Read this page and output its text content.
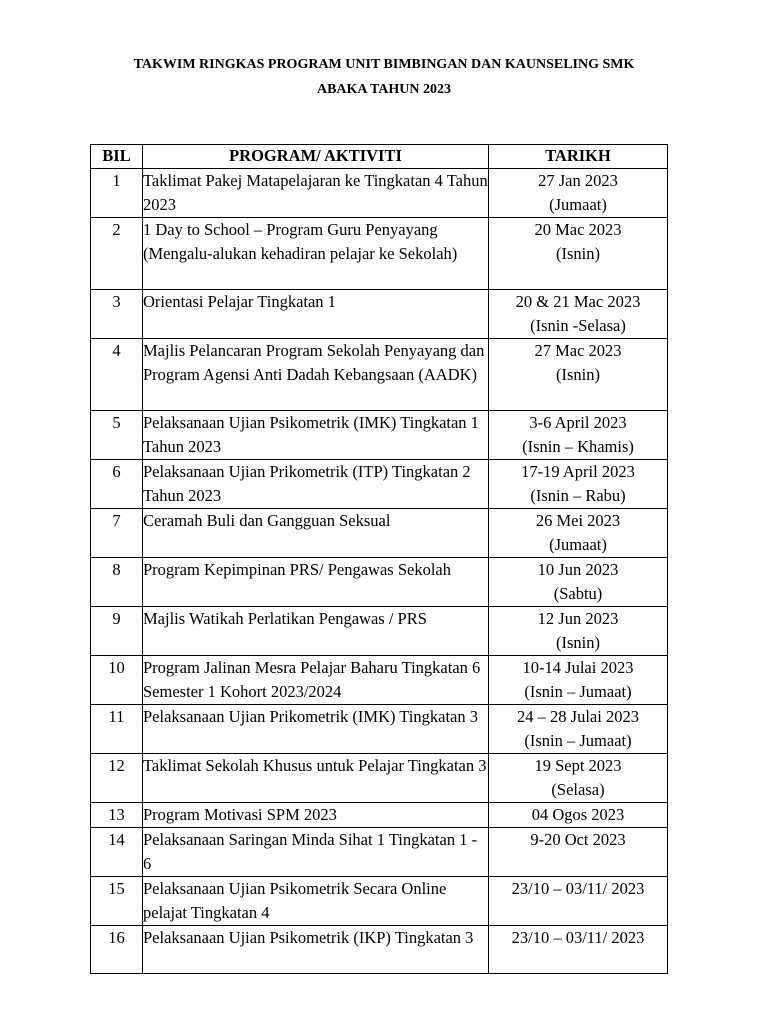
TAKWIM RINGKAS PROGRAM UNIT BIMBINGAN DAN KAUNSELING SMK
ABAKA TAHUN 2023
BIL	PROGRAM/ AKTIVITI	TARIKH
1	Taklimat Pakej Matapelajaran ke Tingkatan 4 Tahun 2023	27 Jan 2023
(Jumaat)

2	1 Day to School – Program Guru Penyayang (Mengalu-alukan kehadiran pelajar ke Sekolah)	20 Mac 2023
(Isnin)

3	Orientasi Pelajar Tingkatan 1	20 & 21 Mac 2023
(Isnin -Selasa)

4	Majlis Pelancaran Program Sekolah Penyayang dan Program Agensi Anti Dadah Kebangsaan (AADK)	27 Mac 2023
(Isnin)

5	Pelaksanaan Ujian Psikometrik (IMK) Tingkatan 1 Tahun 2023	3-6 April 2023
(Isnin – Khamis)

6	Pelaksanaan Ujian Prikometrik (ITP) Tingkatan 2 Tahun 2023	17-19 April 2023
(Isnin – Rabu)

7	Ceramah Buli dan Gangguan Seksual	26 Mei 2023
(Jumaat)

8	Program Kepimpinan PRS/ Pengawas Sekolah	10 Jun 2023
(Sabtu)

9	Majlis Watikah Perlatikan Pengawas / PRS	12 Jun 2023
(Isnin)

10	Program Jalinan Mesra Pelajar Baharu Tingkatan 6 Semester 1 Kohort 2023/2024	10-14 Julai 2023
(Isnin – Jumaat)

11	Pelaksanaan Ujian Prikometrik (IMK) Tingkatan 3	24 – 28 Julai 2023
(Isnin – Jumaat)

12	Taklimat Sekolah Khusus untuk Pelajar Tingkatan 3	19 Sept 2023
(Selasa)

13	Program Motivasi SPM 2023	04 Ogos 2023

14	Pelaksanaan Saringan Minda Sihat 1 Tingkatan 1 - 6	9-20 Oct 2023

15	Pelaksanaan Ujian Psikometrik Secara Online pelajat Tingkatan 4	23/10 – 03/11/ 2023

16	Pelaksanaan Ujian Psikometrik (IKP) Tingkatan 3	23/10 – 03/11/ 2023
